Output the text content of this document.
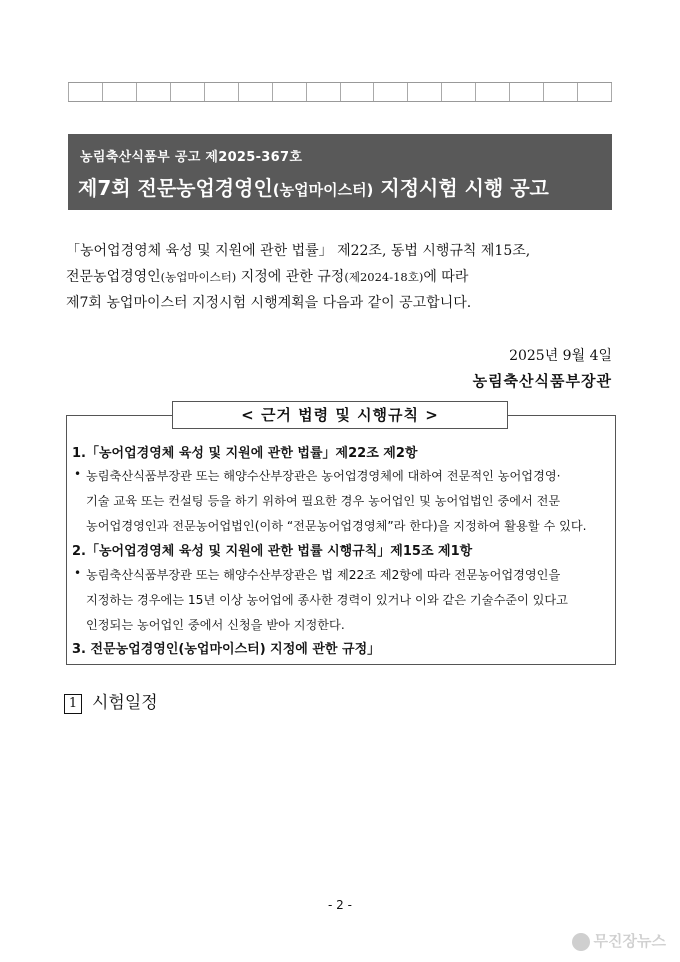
농림축산식품부 공고 제2025-367호
제7회 전문농업경영인(농업마이스터) 지정시험 시행 공고
「농어업경영체 육성 및 지원에 관한 법률」 제22조, 동법 시행규칙 제15조,
전문농업경영인(농업마이스터) 지정에 관한 규정(제2024-18호)에 따라
제7회 농업마이스터 지정시험 시행계획을 다음과 같이 공고합니다.
2025년 9월 4일
농림축산식품부장관
< 근거 법령 및 시행규칙 >
1.「농어업경영체 육성 및 지원에 관한 법률」제22조 제2항
• 농림축산식품부장관 또는 해양수산부장관은 농어업경영체에 대하여 전문적인 농어업경영·
기술 교육 또는 컨설팅 등을 하기 위하여 필요한 경우 농어업인 및 농어업법인 중에서 전문
농어업경영인과 전문농어업법인(이하 “전문농어업경영체”라 한다)을 지정하여 활용할 수 있다.
2.「농어업경영체 육성 및 지원에 관한 법률 시행규칙」제15조 제1항
• 농림축산식품부장관 또는 해양수산부장관은 법 제22조 제2항에 따라 전문농어업경영인을
지정하는 경우에는 15년 이상 농어업에 종사한 경력이 있거나 이와 같은 기술수준이 있다고
인정되는 농어업인 중에서 신청을 받아 지정한다.
3. 전문농업경영인(농업마이스터) 지정에 관한 규정」
1 시험일정
- 2 -
무진장뉴스
